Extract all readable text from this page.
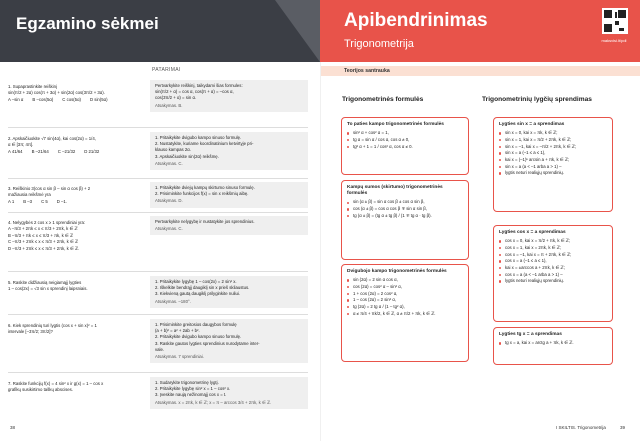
Egzamino sėkmei	Apibendrinimas
Trigonometrija	maksvisi.lt/pdl
PATARIMAI	Teorijos santrauka
1. Supaprastinkite reiškinį
sin(π/2 + 2α) cos(π + 3α) + sin(2α) cos(3π/2 + 3α).
A –sin α B –cos(5α) C cos(5α) D sin(5α)
Pertvarkykite reiškinį, taikydami šias formules:
sin(π/2 + α) = cos α, cos(π + α) = –cos α,
cos(3π/2 + α) = sin α.
Atsakymas. B.
2. Apskaičiuokite √7 sin(4α), kai cos(2α) = 1/4,
α ∈ [3π; 4π].
A 41/64 B –21/64 C –21/32 D 21/32
1. Pritaikykite dvigubo kampo sinuso formulę.
2. Nustatykite, kuriame koordinatinium ketvirtyje pri-
klauso kampas 2α.
3. Apskaičiuokite sin(2α) reikšmę.
Atsakymas. C.
3. Reiškinio 3(cos α sin β – sin α cos β) + 2
mažiausia reikšmė yra
A 1 B –3 C 5 D –1.
1. Pritaikykite dviejų kampų skirtumo sinuso formulę.
2. Prisiminkite funkcijos f(x) = sin x reikšmių aibę.
Atsakymas. D.
4. Nelygybės 2 cos x ≥ 1 sprendiniai yra:
A –π/3 + 2πk ≤ x ≤ π/3 + 2πk, k ∈ ℤ
B –π/3 + πk ≤ x ≤ π/3 + πk, k ∈ ℤ
C –π/3 + 2πk ≤ x ≤ π/3 + 2πk, k ∈ ℤ
D –π/3 + 2πk ≤ x ≤ π/3 + 2πk, k ∈ ℤ.
Pertvarkykite nelygybę ir nustatykite jos sprendinius.
Atsakymas. C.
5. Raskite didžiausią neigiamąjį lygties
1 – cos(2x) = √3 sin x sprendinį laipsniais.
1. Pritaikykite lygybę 1 – cos(2x) = 2 sin² x.
2. Iškelkite bendrąjį daugiklį sin x prieš skliaustus.
3. Kiekvieną gautą daugiklį prilyginkite nuliui.
Atsakymas. –180°.
6. Kiek sprendinių turi lygtis (cos x + sin x)² = 1
intervale [–3π/2; 3π/2]?
1. Prisiminkite greitosios daugybos formulę
(a + b)² = a² + 2ab + b².
2. Pritaikykite dvigubo kampo sinuso formulę.
3. Raskite gautos lygties sprendinius nurodytame inter-
vale.
Atsakymas. 7 sprendiniai.
7. Raskite funkcijų f(x) = 4 sin² x ir g(x) = 1 – cos x
grafikų susikirtimo taškų abscises.
1. Sudarykite trigonometrinę lygtį.
2. Pritaikykite lygybę sin² x = 1 – cos² x.
3. Įveskite naują nežinomąjį cos x = t.
Atsakymas. x = 2πk, k ∈ ℤ; x = π – arccos 3/4 + 2πk, k ∈ ℤ.
Trigonometrinės formulės	Trigonometrinių lygčių sprendimas
To paties kampo trigonometrinės formulės
sin² α + cos² α = 1,
tg α = sin α / cos α, cos α ≠ 0,
tg² α + 1 = 1 / cos² α, cos α ≠ 0.
Kampų sumos (skirtumo) trigonometrinės formulės
sin (α ± β) = sin α cos β ± cos α sin β,
cos (α ± β) = cos α cos β ∓ sin α sin β,
tg (α ± β) = (tg α ± tg β) / (1 ∓ tg α · tg β).
Dvigubojo kampo trigonometrinės formulės
sin (2α) = 2 sin α cos α,
cos (2α) = cos² α – sin² α,
1 + cos (2α) = 2 cos² α,
1 – cos (2α) = 2 sin² α,
tg (2α) = 2 tg α / (1 – tg² α),
α ≠ π/4 + πk/2, k ∈ ℤ, α ≠ π/2 + πk, k ∈ ℤ.
Lygties sin x = a sprendimas
sin x = 0, kai x = πk, k ∈ ℤ;
sin x = 1, kai x = π/2 + 2πk, k ∈ ℤ;
sin x = –1, kai x = –π/2 + 2πk, k ∈ ℤ;
sin x = a (–1 ≤ a ≤ 1),
kai x = (–1)ᵏ arcsin a + πk, k ∈ ℤ;
sin x = a (a < –1 arba a > 1) –
lygtis neturi realiųjų sprendinių.
Lygties cos x = a sprendimas
cos x = 0, kai x = π/2 + πk, k ∈ ℤ;
cos x = 1, kai x = 2πk, k ∈ ℤ;
cos x = –1, kai x = π + 2πk, k ∈ ℤ;
cos x = a (–1 ≤ a ≤ 1),
kai x = ±arccos a + 2πk, k ∈ ℤ;
cos x = a (a < –1 arba a > 1) –
lygtis neturi realiųjų sprendinių.
Lygties tg x = a sprendimas
tg x = a, kai x = arctg a + πk, k ∈ ℤ.
38	I SKILTIS. Trigonometrija	39
